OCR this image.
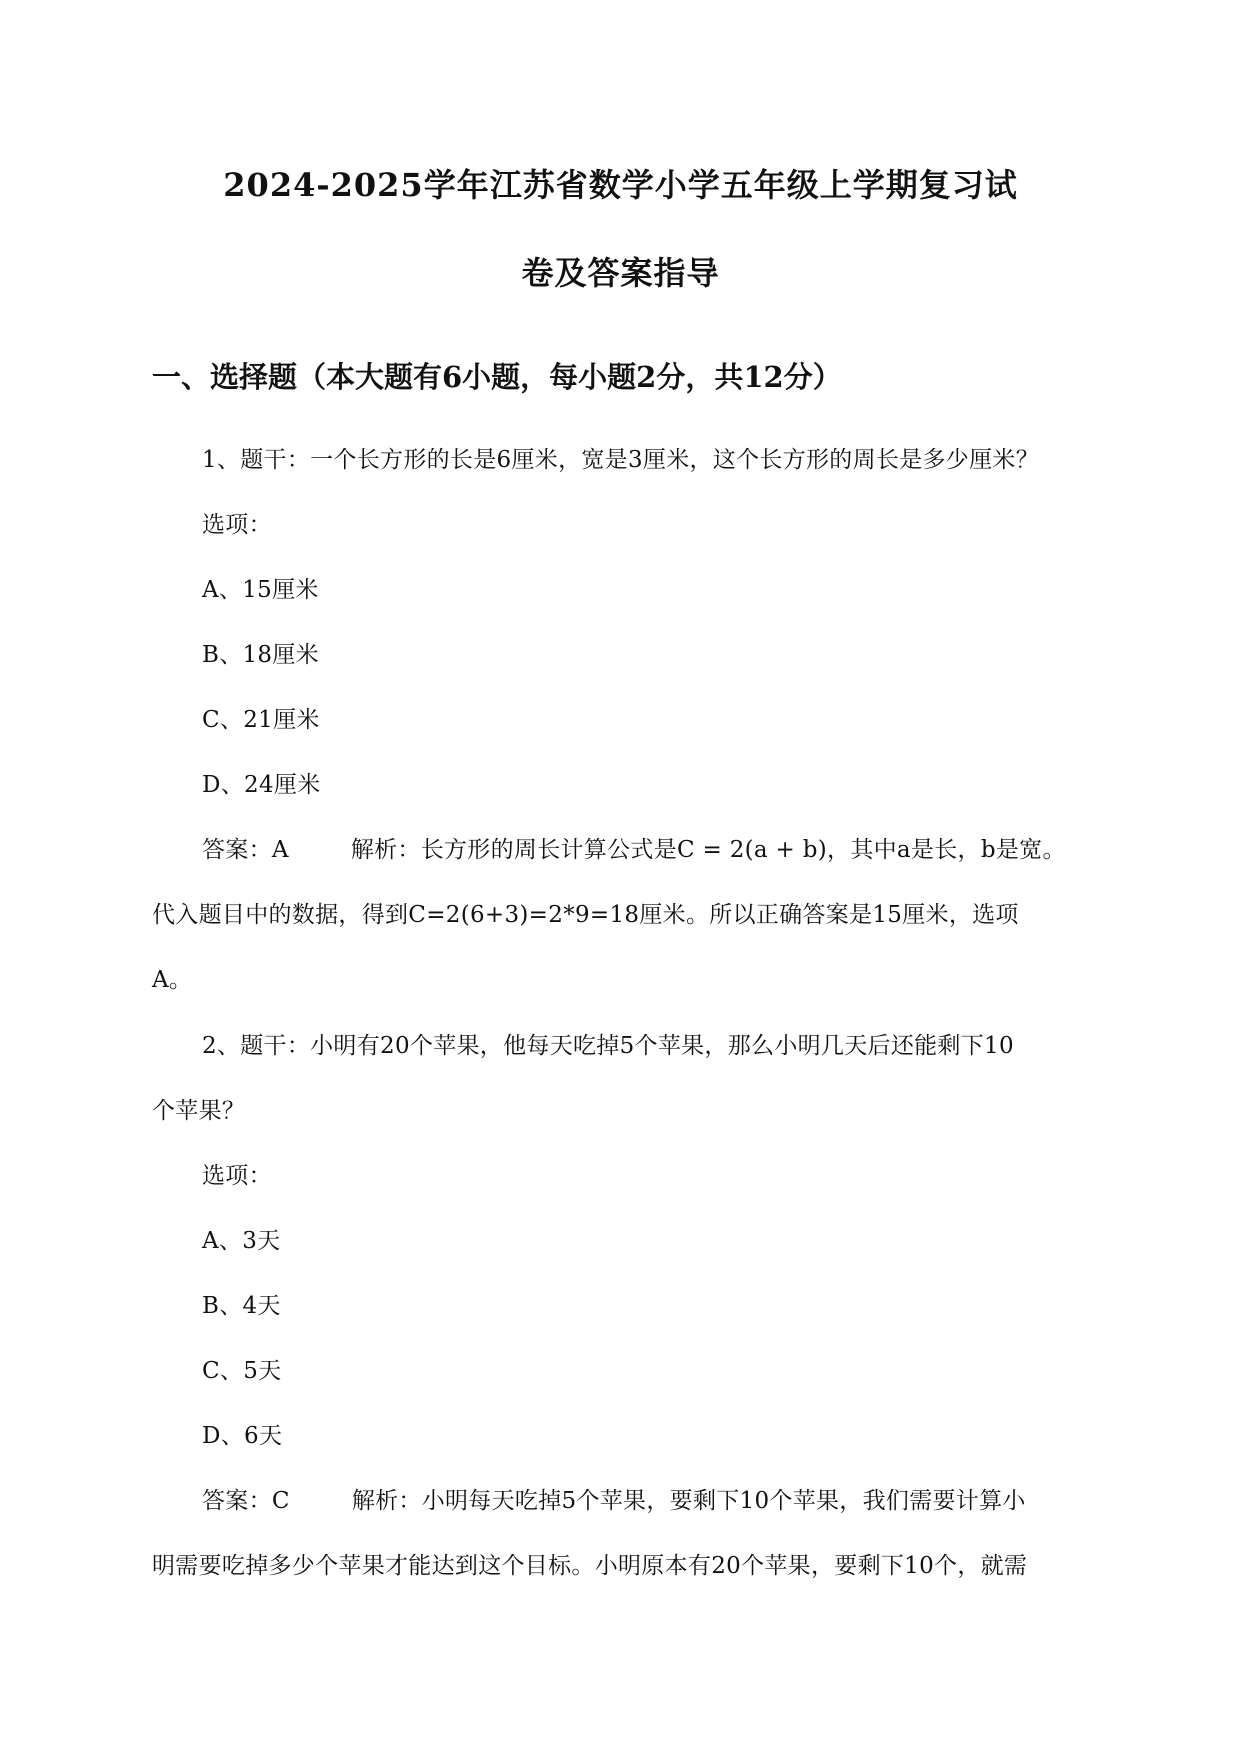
2024-2025学年江苏省数学小学五年级上学期复习试
卷及答案指导
一、选择题（本大题有6小题，每小题2分，共12分）
1、题干：一个长方形的长是6厘米，宽是3厘米，这个长方形的周长是多少厘米？
选项：
A、15厘米
B、18厘米
C、21厘米
D、24厘米
答案：A	解析：长方形的周长计算公式是C = 2(a + b)，其中a是长，b是宽。
代入题目中的数据，得到C=2(6+3)=2*9=18厘米。所以正确答案是15厘米，选项
A。
2、题干：小明有20个苹果，他每天吃掉5个苹果，那么小明几天后还能剩下10
个苹果？
选项：
A、3天
B、4天
C、5天
D、6天
答案：C	解析：小明每天吃掉5个苹果，要剩下10个苹果，我们需要计算小
明需要吃掉多少个苹果才能达到这个目标。小明原本有20个苹果，要剩下10个，就需
